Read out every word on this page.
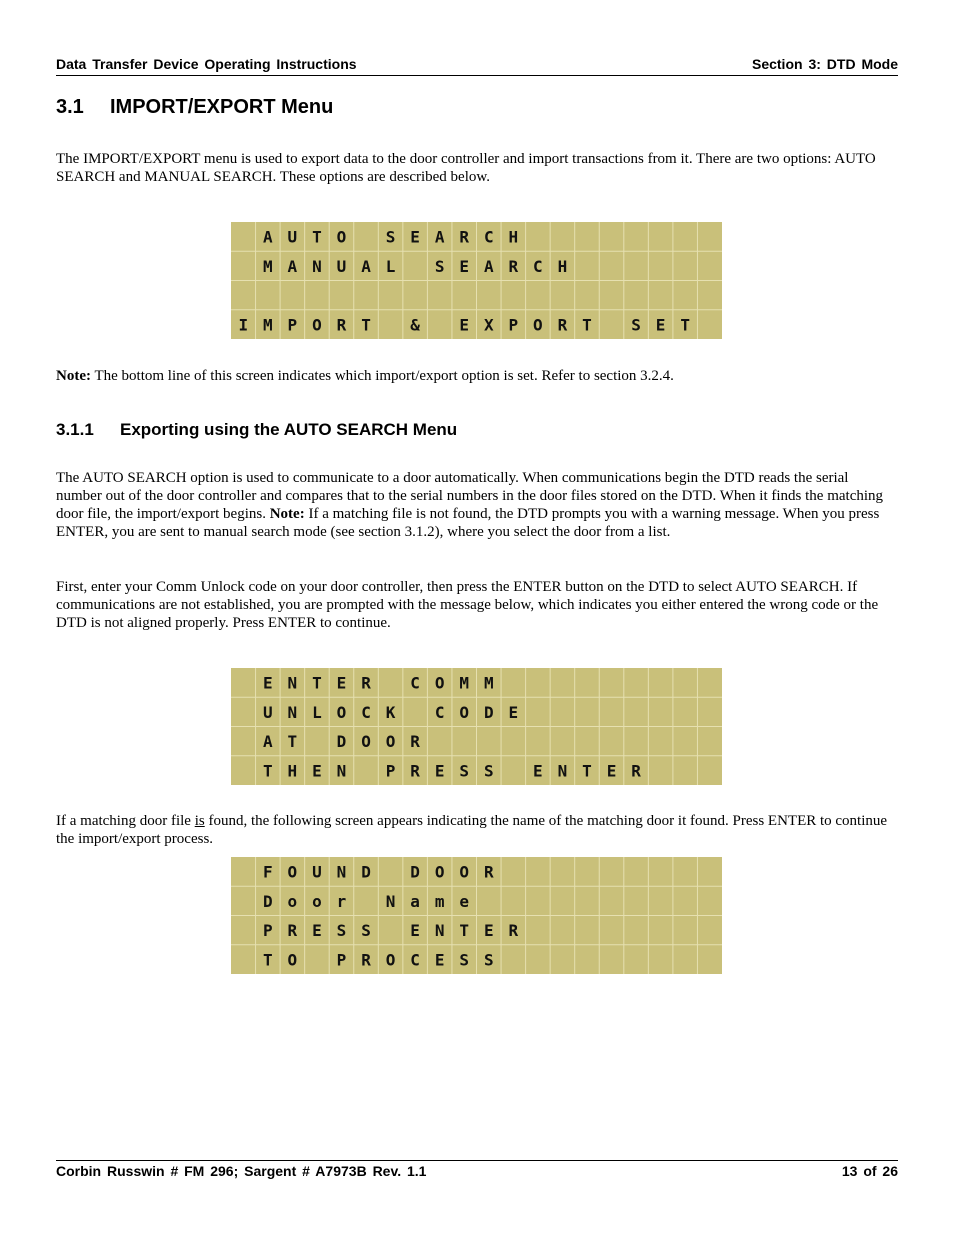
Data Transfer Device Operating Instructions	Section 3: DTD Mode
3.1 IMPORT/EXPORT Menu

The IMPORT/EXPORT menu is used to export data to the door controller and import transactions from it. There are two options: AUTO SEARCH and MANUAL SEARCH. These options are described below.

A U T O S E A R C H
M A N U A L S E A R C H
I M P O R T & E X P O R T S E T

Note: The bottom line of this screen indicates which import/export option is set. Refer to section 3.2.4.

3.1.1 Exporting using the AUTO SEARCH Menu

The AUTO SEARCH option is used to communicate to a door automatically. When communications begin the DTD reads the serial number out of the door controller and compares that to the serial numbers in the door files stored on the DTD. When it finds the matching door file, the import/export begins. Note: If a matching file is not found, the DTD prompts you with a warning message. When you press ENTER, you are sent to manual search mode (see section 3.1.2), where you select the door from a list.

First, enter your Comm Unlock code on your door controller, then press the ENTER button on the DTD to select AUTO SEARCH. If communications are not established, you are prompted with the message below, which indicates you either entered the wrong code or the DTD is not aligned properly. Press ENTER to continue.

E N T E R C O M M
U N L O C K C O D E
A T D O O R
T H E N P R E S S E N T E R

If a matching door file is found, the following screen appears indicating the name of the matching door it found. Press ENTER to continue the import/export process.

F O U N D D O O R
D o o r N a m e
P R E S S E N T E R
T O P R O C E S S
Corbin Russwin # FM 296; Sargent # A7973B Rev. 1.1	13 of 26
